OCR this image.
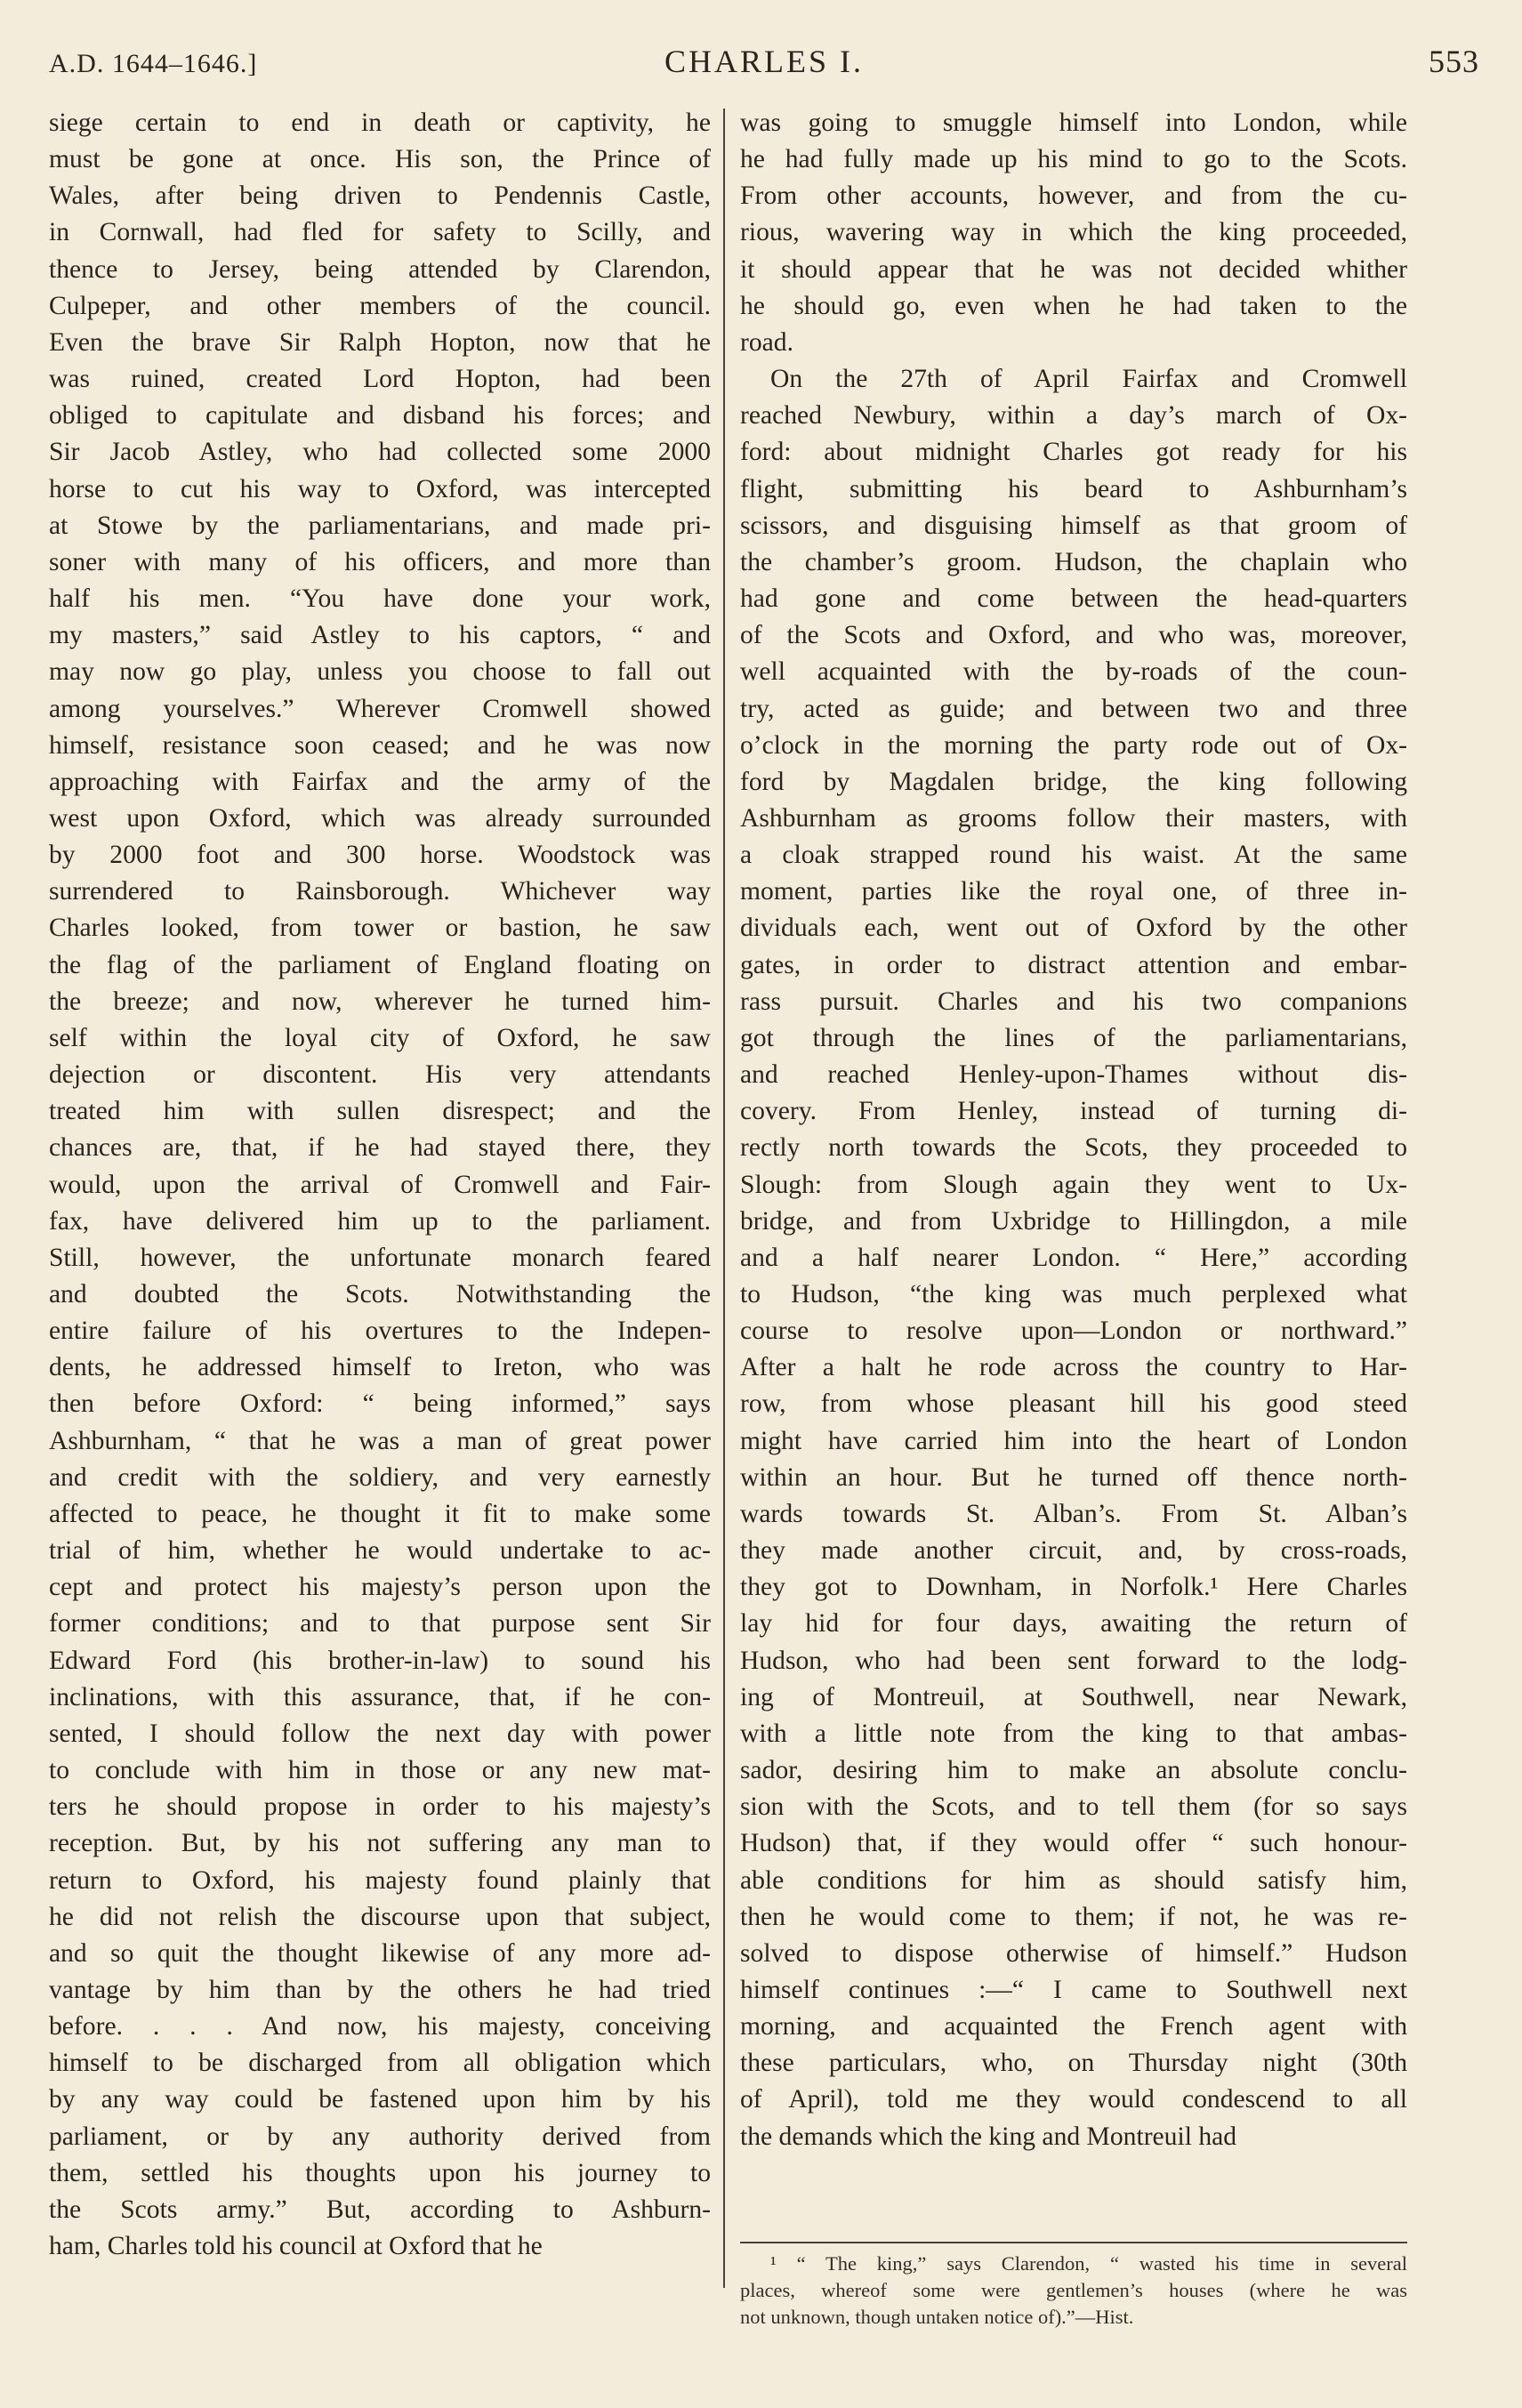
A.D. 1644–1646.]	CHARLES I.	553
siege certain to end in death or captivity, he
must be gone at once. His son, the Prince of
Wales, after being driven to Pendennis Castle,
in Cornwall, had fled for safety to Scilly, and
thence to Jersey, being attended by Clarendon,
Culpeper, and other members of the council.
Even the brave Sir Ralph Hopton, now that he
was ruined, created Lord Hopton, had been
obliged to capitulate and disband his forces; and
Sir Jacob Astley, who had collected some 2000
horse to cut his way to Oxford, was intercepted
at Stowe by the parliamentarians, and made pri-
soner with many of his officers, and more than
half his men. “You have done your work,
my masters,” said Astley to his captors, “ and
may now go play, unless you choose to fall out
among yourselves.” Wherever Cromwell showed
himself, resistance soon ceased; and he was now
approaching with Fairfax and the army of the
west upon Oxford, which was already surrounded
by 2000 foot and 300 horse. Woodstock was
surrendered to Rainsborough. Whichever way
Charles looked, from tower or bastion, he saw
the flag of the parliament of England floating on
the breeze; and now, wherever he turned him-
self within the loyal city of Oxford, he saw
dejection or discontent. His very attendants
treated him with sullen disrespect; and the
chances are, that, if he had stayed there, they
would, upon the arrival of Cromwell and Fair-
fax, have delivered him up to the parliament.
Still, however, the unfortunate monarch feared
and doubted the Scots. Notwithstanding the
entire failure of his overtures to the Indepen-
dents, he addressed himself to Ireton, who was
then before Oxford: “ being informed,” says
Ashburnham, “ that he was a man of great power
and credit with the soldiery, and very earnestly
affected to peace, he thought it fit to make some
trial of him, whether he would undertake to ac-
cept and protect his majesty’s person upon the
former conditions; and to that purpose sent Sir
Edward Ford (his brother-in-law) to sound his
inclinations, with this assurance, that, if he con-
sented, I should follow the next day with power
to conclude with him in those or any new mat-
ters he should propose in order to his majesty’s
reception. But, by his not suffering any man to
return to Oxford, his majesty found plainly that
he did not relish the discourse upon that subject,
and so quit the thought likewise of any more ad-
vantage by him than by the others he had tried
before. . . . And now, his majesty, conceiving
himself to be discharged from all obligation which
by any way could be fastened upon him by his
parliament, or by any authority derived from
them, settled his thoughts upon his journey to
the Scots army.” But, according to Ashburn-
ham, Charles told his council at Oxford that he
was going to smuggle himself into London, while
he had fully made up his mind to go to the Scots.
From other accounts, however, and from the cu-
rious, wavering way in which the king proceeded,
it should appear that he was not decided whither
he should go, even when he had taken to the
road.
On the 27th of April Fairfax and Cromwell
reached Newbury, within a day’s march of Ox-
ford: about midnight Charles got ready for his
flight, submitting his beard to Ashburnham’s
scissors, and disguising himself as that groom of
the chamber’s groom. Hudson, the chaplain who
had gone and come between the head-quarters
of the Scots and Oxford, and who was, moreover,
well acquainted with the by-roads of the coun-
try, acted as guide; and between two and three
o’clock in the morning the party rode out of Ox-
ford by Magdalen bridge, the king following
Ashburnham as grooms follow their masters, with
a cloak strapped round his waist. At the same
moment, parties like the royal one, of three in-
dividuals each, went out of Oxford by the other
gates, in order to distract attention and embar-
rass pursuit. Charles and his two companions
got through the lines of the parliamentarians,
and reached Henley-upon-Thames without dis-
covery. From Henley, instead of turning di-
rectly north towards the Scots, they proceeded to
Slough: from Slough again they went to Ux-
bridge, and from Uxbridge to Hillingdon, a mile
and a half nearer London. “ Here,” according
to Hudson, “the king was much perplexed what
course to resolve upon—London or northward.”
After a halt he rode across the country to Har-
row, from whose pleasant hill his good steed
might have carried him into the heart of London
within an hour. But he turned off thence north-
wards towards St. Alban’s. From St. Alban’s
they made another circuit, and, by cross-roads,
they got to Downham, in Norfolk.¹ Here Charles
lay hid for four days, awaiting the return of
Hudson, who had been sent forward to the lodg-
ing of Montreuil, at Southwell, near Newark,
with a little note from the king to that ambas-
sador, desiring him to make an absolute conclu-
sion with the Scots, and to tell them (for so says
Hudson) that, if they would offer “ such honour-
able conditions for him as should satisfy him,
then he would come to them; if not, he was re-
solved to dispose otherwise of himself.” Hudson
himself continues :—“ I came to Southwell next
morning, and acquainted the French agent with
these particulars, who, on Thursday night (30th
of April), told me they would condescend to all
the demands which the king and Montreuil had
¹ “ The king,” says Clarendon, “ wasted his time in several
places, whereof some were gentlemen’s houses (where he was
not unknown, though untaken notice of).”—Hist.
